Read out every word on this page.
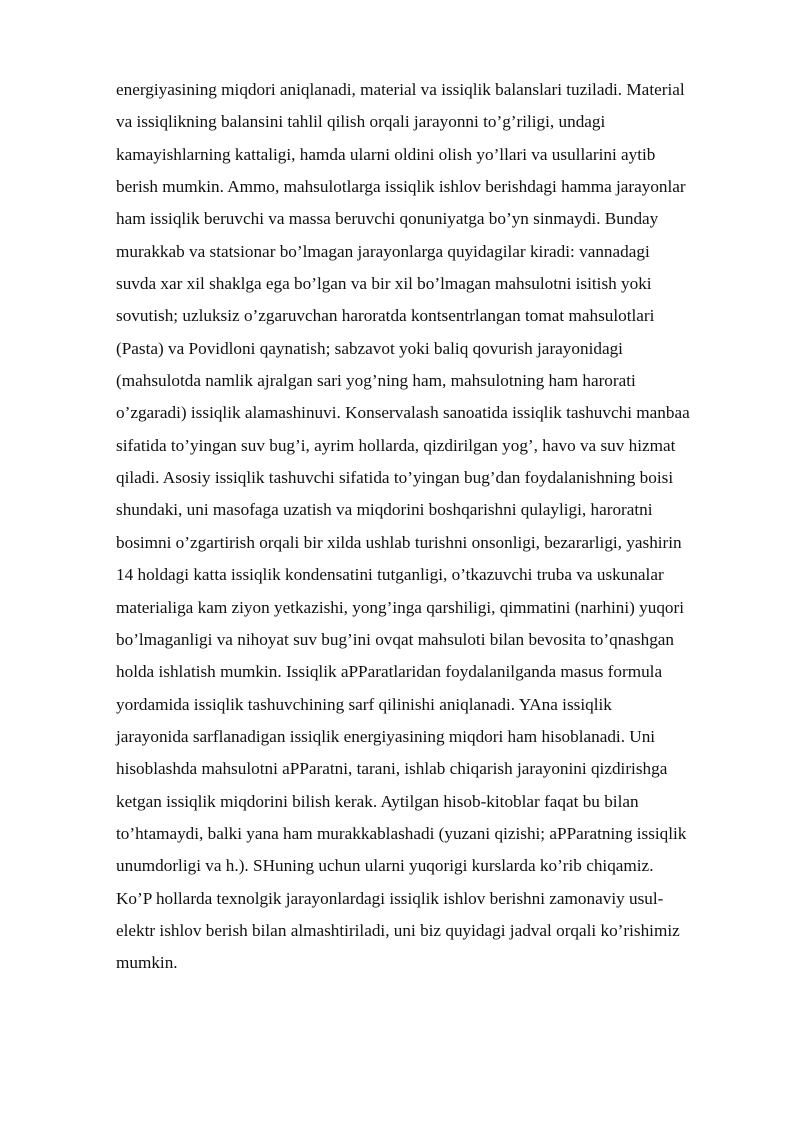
energiyasining miqdori aniqlanadi, material va issiqlik balanslari tuziladi. Material
va issiqlikning balansini tahlil qilish orqali jarayonni to’g’riligi, undagi
kamayishlarning kattaligi, hamda ularni oldini olish yo’llari va usullarini aytib
berish mumkin. Ammo, mahsulotlarga issiqlik ishlov berishdagi hamma jarayonlar
ham issiqlik beruvchi va massa beruvchi qonuniyatga bo’yn sinmaydi. Bunday
murakkab va statsionar bo’lmagan jarayonlarga quyidagilar kiradi: vannadagi
suvda xar xil shaklga ega bo’lgan va bir xil bo’lmagan mahsulotni isitish yoki
sovutish; uzluksiz o’zgaruvchan haroratda kontsentrlangan tomat mahsulotlari
(Pasta) va Povidloni qaynatish; sabzavot yoki baliq qovurish jarayonidagi
(mahsulotda namlik ajralgan sari yog’ning ham, mahsulotning ham harorati
o’zgaradi) issiqlik alamashinuvi. Konservalash sanoatida issiqlik tashuvchi manbaa
sifatida to’yingan suv bug’i, ayrim hollarda, qizdirilgan yog’, havo va suv hizmat
qiladi. Asosiy issiqlik tashuvchi sifatida to’yingan bug’dan foydalanishning boisi
shundaki, uni masofaga uzatish va miqdorini boshqarishni qulayligi, haroratni
bosimni o’zgartirish orqali bir xilda ushlab turishni onsonligi, bezararligi, yashirin
14 holdagi katta issiqlik kondensatini tutganligi, o’tkazuvchi truba va uskunalar
materialiga kam ziyon yetkazishi, yong’inga qarshiligi, qimmatini (narhini) yuqori
bo’lmaganligi va nihoyat suv bug’ini ovqat mahsuloti bilan bevosita to’qnashgan
holda ishlatish mumkin. Issiqlik aPParatlaridan foydalanilganda masus formula
yordamida issiqlik tashuvchining sarf qilinishi aniqlanadi. YAna issiqlik
jarayonida sarflanadigan issiqlik energiyasining miqdori ham hisoblanadi. Uni
hisoblashda mahsulotni aPParatni, tarani, ishlab chiqarish jarayonini qizdirishga
ketgan issiqlik miqdorini bilish kerak. Aytilgan hisob-kitoblar faqat bu bilan
to’htamaydi, balki yana ham murakkablashadi (yuzani qizishi; aPParatning issiqlik
unumdorligi va h.). SHuning uchun ularni yuqorigi kurslarda ko’rib chiqamiz.
Ko’P hollarda texnolgik jarayonlardagi issiqlik ishlov berishni zamonaviy usul-
elektr ishlov berish bilan almashtiriladi, uni biz quyidagi jadval orqali ko’rishimiz
mumkin.
